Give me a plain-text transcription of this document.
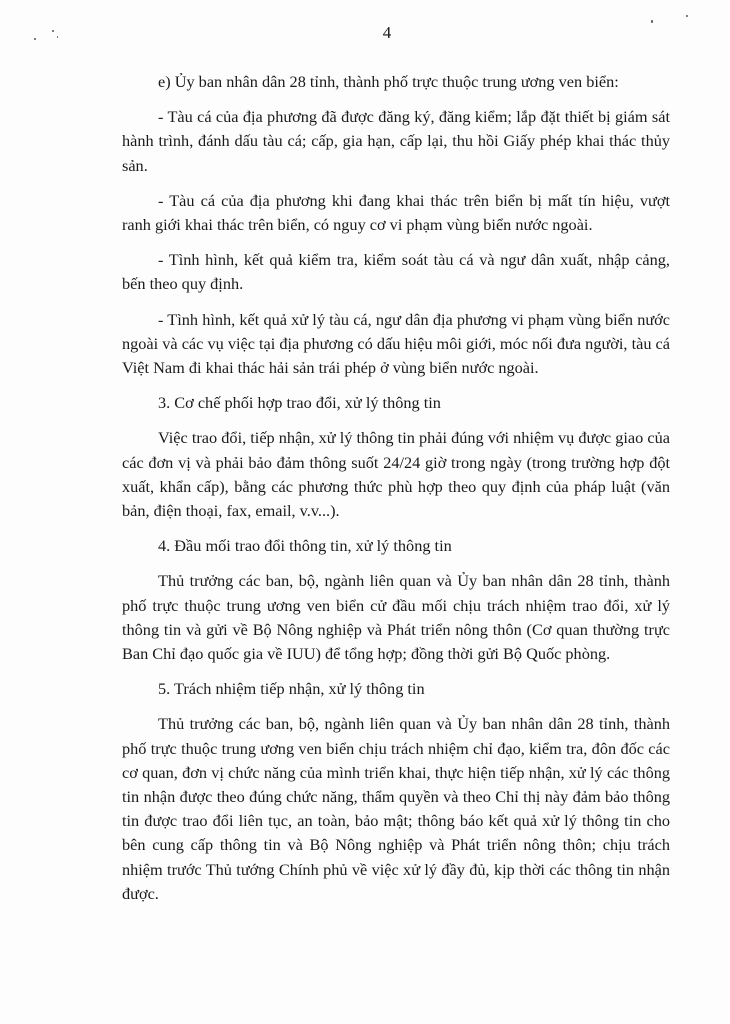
4

e) Ủy ban nhân dân 28 tỉnh, thành phố trực thuộc trung ương ven biển:

- Tàu cá của địa phương đã được đăng ký, đăng kiểm; lắp đặt thiết bị giám sát hành trình, đánh dấu tàu cá; cấp, gia hạn, cấp lại, thu hồi Giấy phép khai thác thủy sản.

- Tàu cá của địa phương khi đang khai thác trên biển bị mất tín hiệu, vượt ranh giới khai thác trên biển, có nguy cơ vi phạm vùng biển nước ngoài.

- Tình hình, kết quả kiểm tra, kiểm soát tàu cá và ngư dân xuất, nhập cảng, bến theo quy định.

- Tình hình, kết quả xử lý tàu cá, ngư dân địa phương vi phạm vùng biển nước ngoài và các vụ việc tại địa phương có dấu hiệu môi giới, móc nối đưa người, tàu cá Việt Nam đi khai thác hải sản trái phép ở vùng biển nước ngoài.

3. Cơ chế phối hợp trao đổi, xử lý thông tin

Việc trao đổi, tiếp nhận, xử lý thông tin phải đúng với nhiệm vụ được giao của các đơn vị và phải bảo đảm thông suốt 24/24 giờ trong ngày (trong trường hợp đột xuất, khẩn cấp), bằng các phương thức phù hợp theo quy định của pháp luật (văn bản, điện thoại, fax, email, v.v...).

4. Đầu mối trao đổi thông tin, xử lý thông tin

Thủ trưởng các ban, bộ, ngành liên quan và Ủy ban nhân dân 28 tỉnh, thành phố trực thuộc trung ương ven biển cử đầu mối chịu trách nhiệm trao đổi, xử lý thông tin và gửi về Bộ Nông nghiệp và Phát triển nông thôn (Cơ quan thường trực Ban Chỉ đạo quốc gia về IUU) để tổng hợp; đồng thời gửi Bộ Quốc phòng.

5. Trách nhiệm tiếp nhận, xử lý thông tin

Thủ trưởng các ban, bộ, ngành liên quan và Ủy ban nhân dân 28 tỉnh, thành phố trực thuộc trung ương ven biển chịu trách nhiệm chỉ đạo, kiểm tra, đôn đốc các cơ quan, đơn vị chức năng của mình triển khai, thực hiện tiếp nhận, xử lý các thông tin nhận được theo đúng chức năng, thẩm quyền và theo Chỉ thị này đảm bảo thông tin được trao đổi liên tục, an toàn, bảo mật; thông báo kết quả xử lý thông tin cho bên cung cấp thông tin và Bộ Nông nghiệp và Phát triển nông thôn; chịu trách nhiệm trước Thủ tướng Chính phủ về việc xử lý đầy đủ, kịp thời các thông tin nhận được.
